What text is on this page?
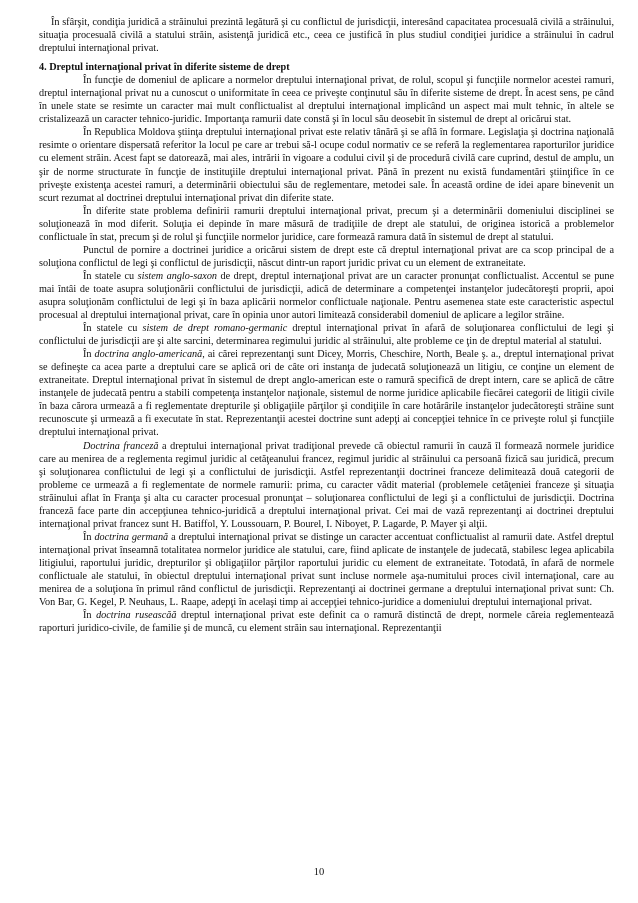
În sfârşit, condiţia juridică a străinului prezintă legătură şi cu conflictul de jurisdicţii, interesând capacitatea procesuală civilă a străinului, situaţia procesuală civilă a statului străin, asistenţă juridică etc., ceea ce justifică în plus studiul condiţiei juridice a străinului în cadrul dreptului internaţional privat.

4. Dreptul internaţional privat în diferite sisteme de drept

În funcţie de domeniul de aplicare a normelor dreptului internaţional privat, de rolul, scopul şi funcţiile normelor acestei ramuri, dreptul internaţional privat nu a cunoscut o uniformitate în ceea ce priveşte conţinutul său în diferite sisteme de drept. În acest sens, pe când în unele state se resimte un caracter mai mult conflictualist al dreptului internaţional implicând un aspect mai mult tehnic, în altele se cristalizează un caracter tehnico-juridic. Importanţa ramurii date constă şi în locul său deosebit în sistemul de drept al oricărui stat.

În Republica Moldova ştiinţa dreptului internaţional privat este relativ tânără şi se află în formare. Legislaţia şi doctrina naţională resimte o orientare dispersată referitor la locul pe care ar trebui să-l ocupe codul normativ ce se referă la reglementarea raporturilor juridice cu element străin. Acest fapt se datorează, mai ales, intrării în vigoare a codului civil şi de procedură civilă care cuprind, destul de amplu, un şir de norme structurate în funcţie de instituţiile dreptului internaţional privat. Până în prezent nu există fundamentări ştiinţifice în ce priveşte existenţa acestei ramuri, a determinării obiectului său de reglementare, metodei sale. În această ordine de idei apare binevenit un scurt rezumat al doctrinei dreptului internaţional privat din diferite state.

În diferite state problema definirii ramurii dreptului internaţional privat, precum şi a determinării domeniului disciplinei se soluţionează în mod diferit. Soluţia ei depinde în mare măsură de tradiţiile de drept ale statului, de originea istorică a problemelor conflictuale în stat, precum şi de rolul şi funcţiile normelor juridice, care formează ramura dată în sistemul de drept al statului.

Punctul de pornire a doctrinei juridice a oricărui sistem de drept este că dreptul internaţional privat are ca scop principal de a soluţiona conflictul de legi şi conflictul de jurisdicţii, născut dintr-un raport juridic privat cu un element de extraneitate.

În statele cu sistem anglo-saxon de drept, dreptul internaţional privat are un caracter pronunţat conflictualist. Accentul se pune mai întâi de toate asupra soluţionării conflictului de jurisdicţii, adică de determinare a competenţei instanţelor judecătoreşti proprii, apoi asupra soluţionăm conflictului de legi şi în baza aplicării normelor conflictuale naţionale. Pentru asemenea state este caracteristic aspectul procesual al dreptului internaţional privat, care în opinia unor autori limitează considerabil domeniul de aplicare a legilor străine.

În statele cu sistem de drept romano-germanic dreptul internaţional privat în afară de soluţionarea conflictului de legi şi conflictului de jurisdicţii are şi alte sarcini, determinarea regimului juridic al străinului, alte probleme ce ţin de dreptul material al statului.

În doctrina anglo-americană, ai cărei reprezentanţi sunt Dicey, Morris, Cheschire, North, Beale ş. a., dreptul internaţional privat se defineşte ca acea parte a dreptului care se aplică ori de câte ori instanţa de judecată soluţionează un litigiu, ce conţine un element de extraneitate. Dreptul internaţional privat în sistemul de drept anglo-american este o ramură specifică de drept intern, care se aplică de către instanţele de judecată pentru a stabili competenţa instanţelor naţionale, sistemul de norme juridice aplicabile fiecărei categorii de litigii civile în baza cărora urmează a fi reglementate drepturile şi obligaţiile părţilor şi condiţiile în care hotărârile instanţelor judecătoreşti străine sunt recunoscute şi urmează a fi executate în stat. Reprezentanţii acestei doctrine sunt adepţi ai concepţiei tehnice în ce priveşte rolul şi funcţiile dreptului internaţional privat.

Doctrina franceză a dreptului internaţional privat tradiţional prevede că obiectul ramurii în cauză îl formează normele juridice care au menirea de a reglementa regimul juridic al cetăţeanului francez, regimul juridic al străinului ca persoană fizică sau juridică, precum şi soluţionarea conflictului de legi şi a conflictului de jurisdicţii. Astfel reprezentanţii doctrinei franceze delimitează două categorii de probleme ce urmează a fi reglementate de normele ramurii: prima, cu caracter vădit material (problemele cetăţeniei franceze şi situaţia străinului aflat în Franţa şi alta cu caracter procesual pronunţat – soluţionarea conflictului de legi şi a conflictului de jurisdicţii. Doctrina franceză face parte din accepţiunea tehnico-juridică a dreptului internaţional privat. Cei mai de vază reprezentanţi ai doctrinei dreptului internaţional privat francez sunt H. Batiffol, Y. Loussouarn, P. Bourel, I. Niboyet, P. Lagarde, P. Mayer şi alţii.

În doctrina germană a dreptului internaţional privat se distinge un caracter accentuat conflictualist al ramurii date. Astfel dreptul internaţional privat înseamnă totalitatea normelor juridice ale statului, care, fiind aplicate de instanţele de judecată, stabilesc legea aplicabila litigiului, raportului juridic, drepturilor şi obligaţiilor părţilor raportului juridic cu element de extraneitate. Totodată, în afară de normele conflictuale ale statului, în obiectul dreptului internaţional privat sunt incluse normele aşa-numitului proces civil internaţional, care au menirea de a soluţiona în primul rând conflictul de jurisdicţii. Reprezentanţi ai doctrinei germane a dreptului internaţional privat sunt: Ch. Von Bar, G. Kegel, P. Neuhaus, L. Raape, adepţi în acelaşi timp ai accepţiei tehnico-juridice a domeniului dreptului internaţional privat.

În doctrina ruseascăă dreptul internaţional privat este definit ca o ramură distinctă de drept, normele căreia reglementează raporturi juridico-civile, de familie şi de muncă, cu element străin sau internaţional. Reprezentanţii

10
